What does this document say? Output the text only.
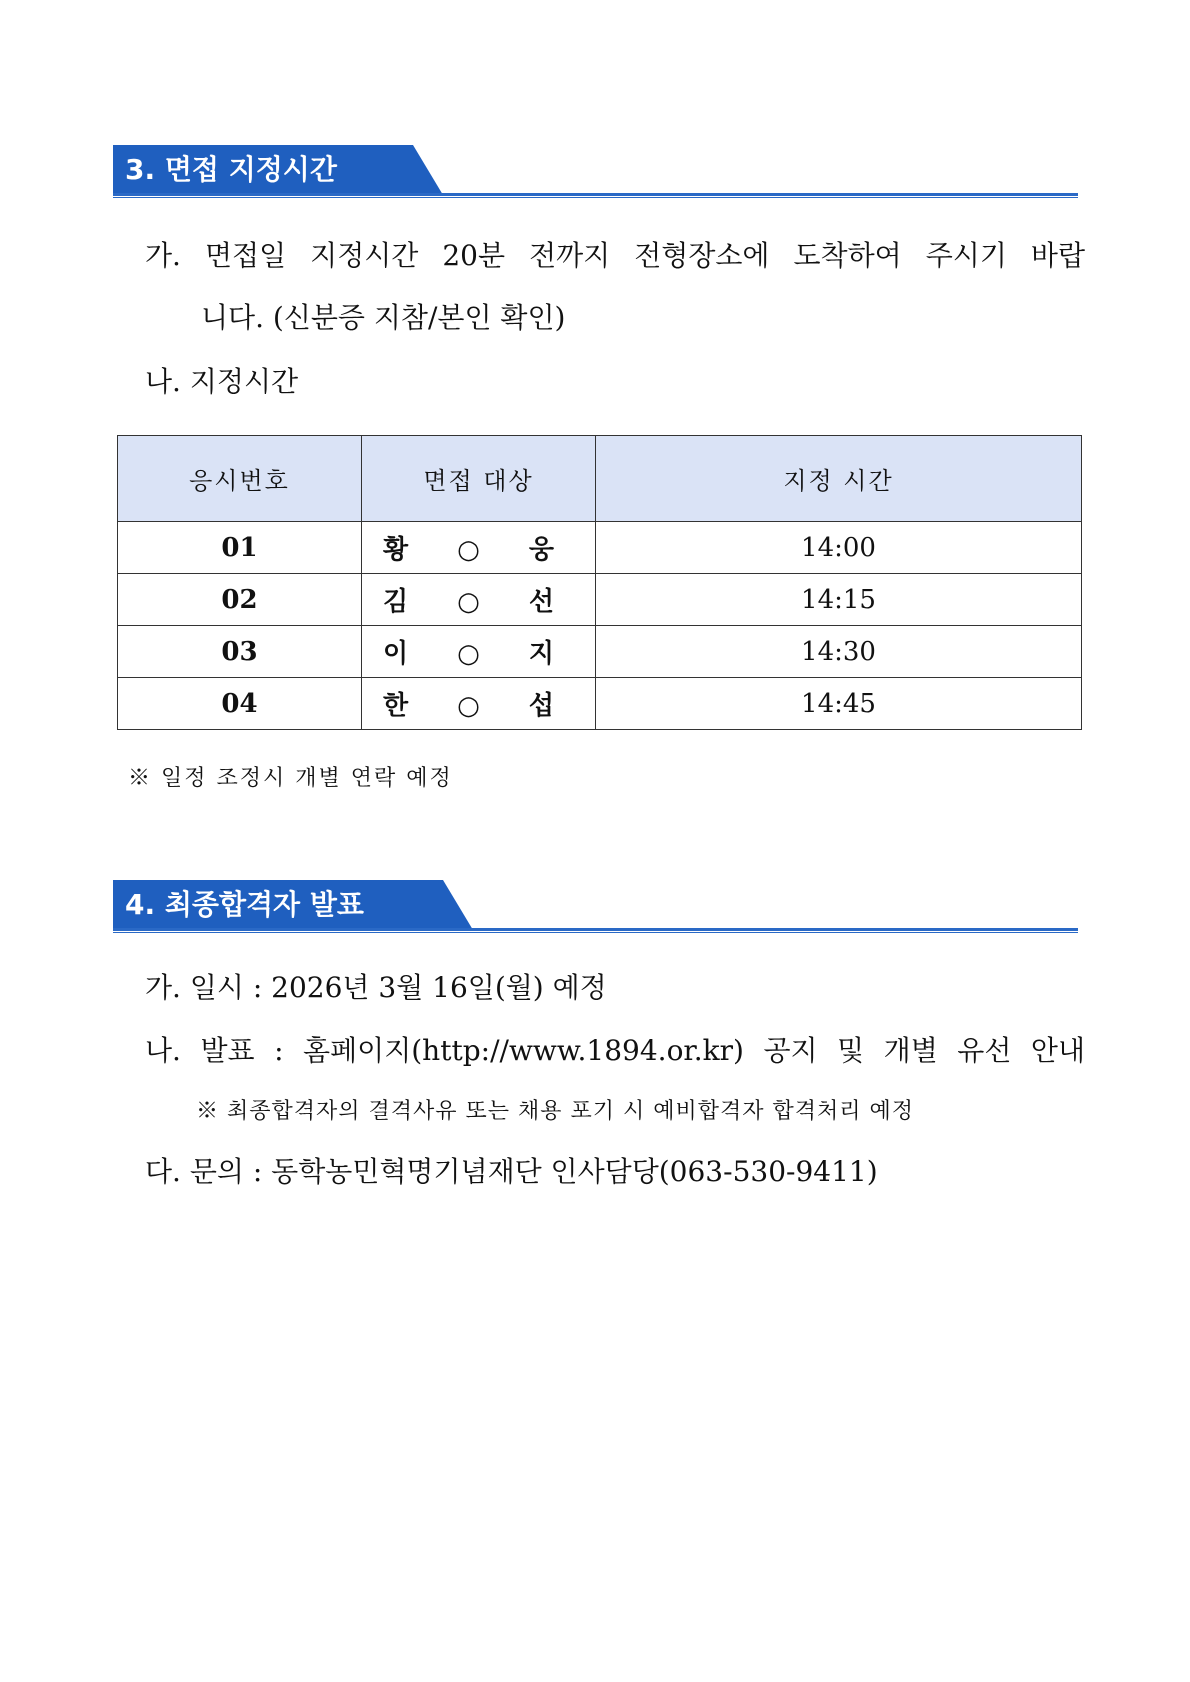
3. 면접 지정시간
가. 면접일 지정시간 20분 전까지 전형장소에 도착하여 주시기 바랍
니다. (신분증 지참/본인 확인)
나. 지정시간
응시번호	면접 대상	지정 시간
01	황 ○ 웅	14:00
02	김 ○ 선	14:15
03	이 ○ 지	14:30
04	한 ○ 섭	14:45
※ 일정 조정시 개별 연락 예정
4. 최종합격자 발표
가. 일시 : 2026년 3월 16일(월) 예정
나. 발표 : 홈페이지(http://www.1894.or.kr) 공지 및 개별 유선 안내
※ 최종합격자의 결격사유 또는 채용 포기 시 예비합격자 합격처리 예정
다. 문의 : 동학농민혁명기념재단 인사담당(063-530-9411)
